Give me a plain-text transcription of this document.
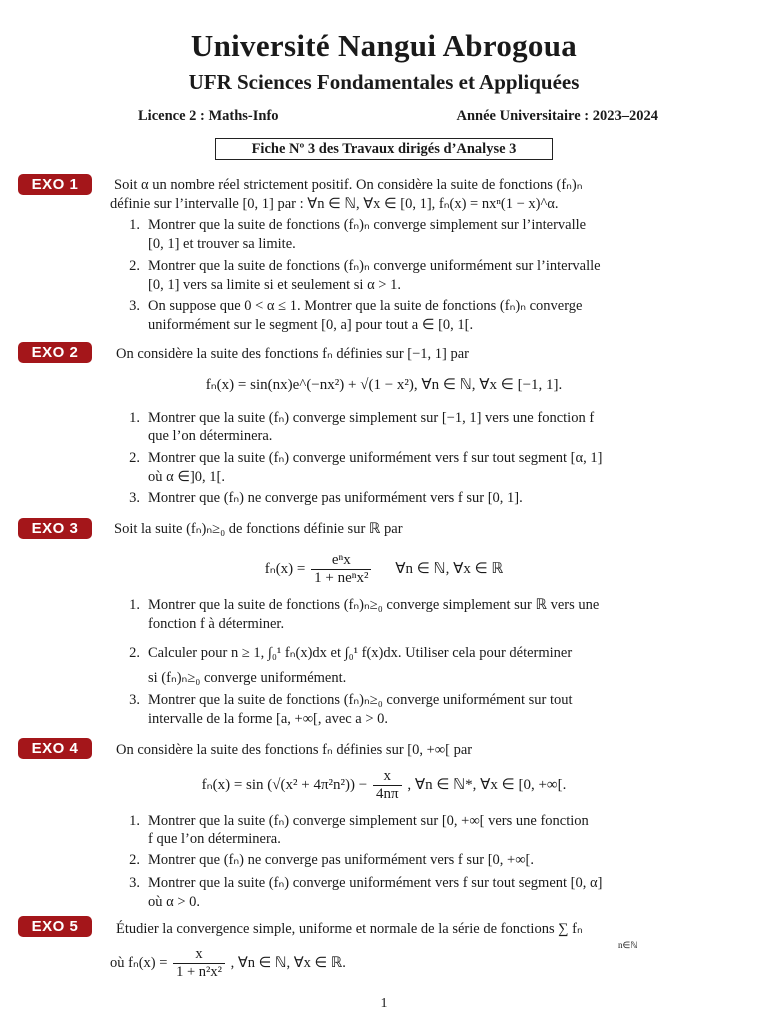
Université Nangui Abrogoua
UFR Sciences Fondamentales et Appliquées
Licence 2 : Maths-Info	Année Universitaire : 2023–2024
Fiche Nº 3 des Travaux dirigés d’Analyse 3
EXO 1	Soit α un nombre réel strictement positif. On considère la suite de fonctions (fₙ)ₙ
définie sur l’intervalle [0, 1] par : ∀n ∈ ℕ, ∀x ∈ [0, 1], fₙ(x) = nxⁿ(1 − x)^α.
1. Montrer que la suite de fonctions (fₙ)ₙ converge simplement sur l’intervalle
[0, 1] et trouver sa limite.
2. Montrer que la suite de fonctions (fₙ)ₙ converge uniformément sur l’intervalle
[0, 1] vers sa limite si et seulement si α > 1.
3. On suppose que 0 < α ≤ 1. Montrer que la suite de fonctions (fₙ)ₙ converge
uniformément sur le segment [0, a] pour tout a ∈ [0, 1[.
EXO 2	On considère la suite des fonctions fₙ définies sur [−1, 1] par
fₙ(x) = sin(nx)e^(−nx²) + √(1 − x²), ∀n ∈ ℕ, ∀x ∈ [−1, 1].
1. Montrer que la suite (fₙ) converge simplement sur [−1, 1] vers une fonction f
que l’on déterminera.
2. Montrer que la suite (fₙ) converge uniformément vers f sur tout segment [α, 1]
où α ∈]0, 1[.
3. Montrer que (fₙ) ne converge pas uniformément vers f sur [0, 1].
EXO 3	Soit la suite (fₙ)ₙ≥₀ de fonctions définie sur ℝ par
$f_n(x) = \frac{\text{eⁿx}}{\text{1 + neⁿx²}}$ ∀n ∈ ℕ, ∀x ∈ ℝ
1. Montrer que la suite de fonctions (fₙ)ₙ≥₀ converge simplement sur ℝ vers une
fonction f à déterminer.
2. Calculer pour n ≥ 1, ∫₀¹ fₙ(x)dx et ∫₀¹ f(x)dx. Utiliser cela pour déterminer
si (fₙ)ₙ≥₀ converge uniformément.
3. Montrer que la suite de fonctions (fₙ)ₙ≥₀ converge uniformément sur tout
intervalle de la forme [a, +∞[, avec a > 0.
EXO 4	On considère la suite des fonctions fₙ définies sur [0, +∞[ par
$f_n(x) = \sin (√(x^2 + 4\pi^2n^2)) - \frac{x}{4n\pi}$ , ∀n ∈ ℕ*, ∀x ∈ [0, +∞[.
1. Montrer que la suite (fₙ) converge simplement sur [0, +∞[ vers une fonction
f que l’on déterminera.
2. Montrer que (fₙ) ne converge pas uniformément vers f sur [0, +∞[.
3. Montrer que la suite (fₙ) converge uniformément vers f sur tout segment [0, α]
où α > 0.
EXO 5	Étudier la convergence simple, uniforme et normale de la série de fonctions ∑ fₙ
n∈ℕ
où $f_n(x) = \frac{x}{\text{1 + n²x²}}$ , ∀n ∈ ℕ, ∀x ∈ ℝ.
1
